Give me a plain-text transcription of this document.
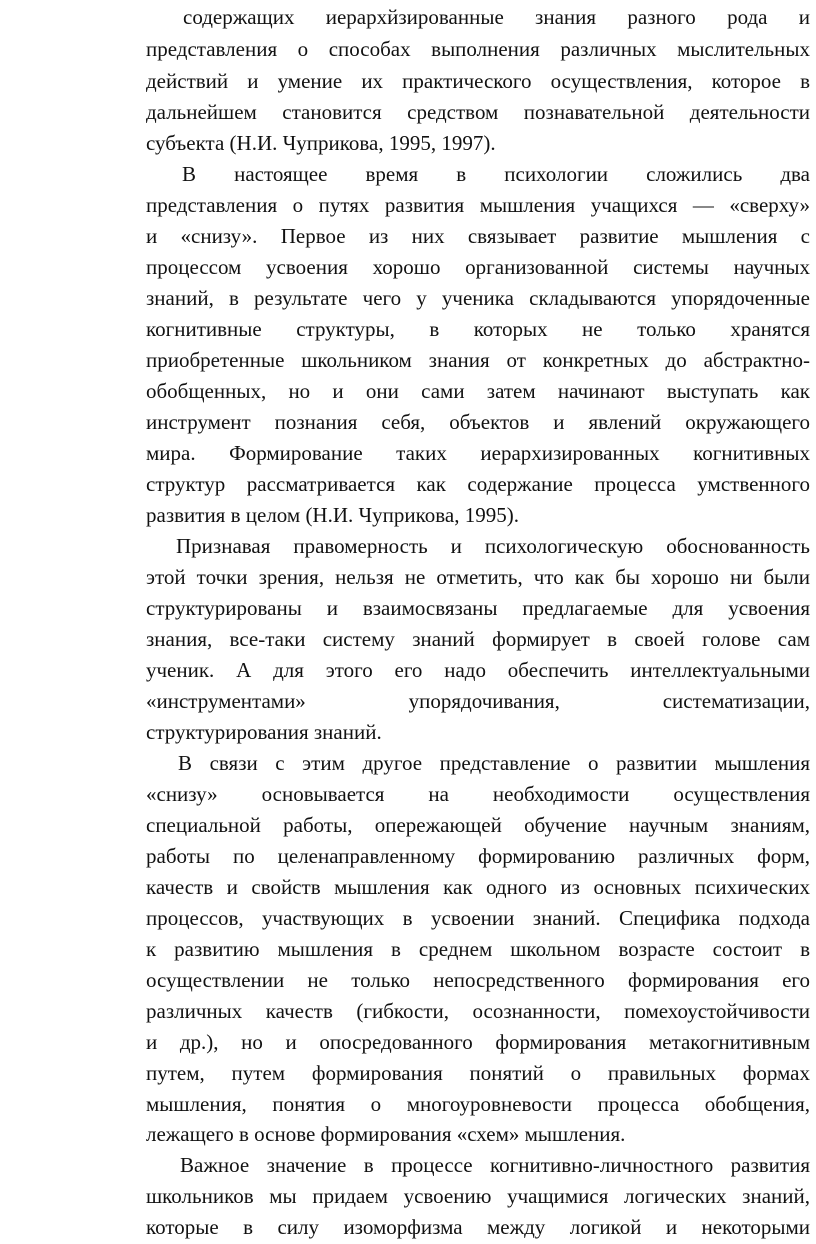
содержащих иерархйзированные знания разного рода и
представления о способах выполнения различных мыслительных
действий и умение их практического осуществления, которое в
дальнейшем становится средством познавательной деятельности
субъекта (Н.И. Чуприкова, 1995, 1997).
В настоящее время в психологии сложились два
представления о путях развития мышления учащихся — «сверху»
и «снизу». Первое из них связывает развитие мышления с
процессом усвоения хорошо организованной системы научных
знаний, в результате чего у ученика складываются упорядоченные
когнитивные структуры, в которых не только хранятся
приобретенные школьником знания от конкретных до абстрактно-
обобщенных, но и они сами затем начинают выступать как
инструмент познания себя, объектов и явлений окружающего
мира. Формирование таких иерархизированных когнитивных
структур рассматривается как содержание процесса умственного
развития в целом (Н.И. Чуприкова, 1995).
Признавая правомерность и психологическую обоснованность
этой точки зрения, нельзя не отметить, что как бы хорошо ни были
структурированы и взаимосвязаны предлагаемые для усвоения
знания, все-таки систему знаний формирует в своей голове сам
ученик. А для этого его надо обеспечить интеллектуальными
«инструментами» упорядочивания, систематизации,
структурирования знаний.
В связи с этим другое представление о развитии мышления
«снизу» основывается на необходимости осуществления
специальной работы, опережающей обучение научным знаниям,
работы по целенаправленному формированию различных форм,
качеств и свойств мышления как одного из основных психических
процессов, участвующих в усвоении знаний. Специфика подхода
к развитию мышления в среднем школьном возрасте состоит в
осуществлении не только непосредственного формирования его
различных качеств (гибкости, осознанности, помехоустойчивости
и др.), но и опосредованного формирования метакогнитивным
путем, путем формирования понятий о правильных формах
мышления, понятия о многоуровневости процесса обобщения,
лежащего в основе формирования «схем» мышления.
Важное значение в процессе когнитивно-личностного развития
школьников мы придаем усвоению учащимися логических знаний,
которые в силу изоморфизма между логикой и некоторыми
